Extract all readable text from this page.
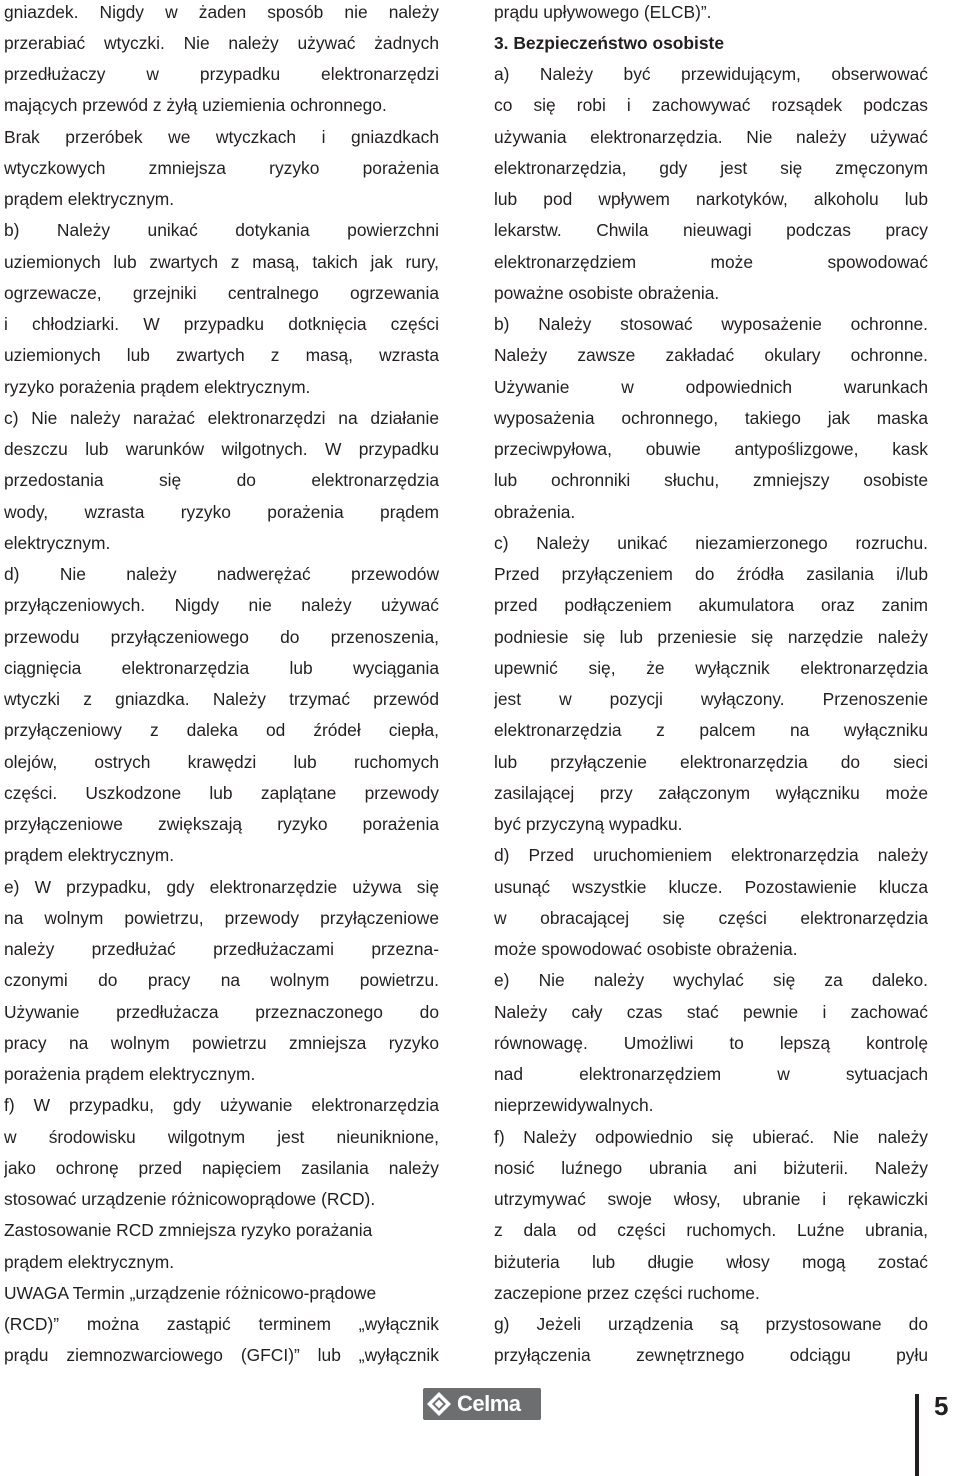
gniazdek. Nigdy w żaden sposób nie należy
przerabiać wtyczki. Nie należy używać żadnych
przedłużaczy w przypadku elektronarzędzi
mających przewód z żyłą uziemienia ochronnego.
Brak przeróbek we wtyczkach i gniazdkach
wtyczkowych zmniejsza ryzyko porażenia
prądem elektrycznym.
b) Należy unikać dotykania powierzchni
uziemionych lub zwartych z masą, takich jak rury,
ogrzewacze, grzejniki centralnego ogrzewania
i chłodziarki. W przypadku dotknięcia części
uziemionych lub zwartych z masą, wzrasta
ryzyko porażenia prądem elektrycznym.
c) Nie należy narażać elektronarzędzi na działanie
deszczu lub warunków wilgotnych. W przypadku
przedostania się do elektronarzędzia
wody, wzrasta ryzyko porażenia prądem
elektrycznym.
d) Nie należy nadwerężać przewodów
przyłączeniowych. Nigdy nie należy używać
przewodu przyłączeniowego do przenoszenia,
ciągnięcia elektronarzędzia lub wyciągania
wtyczki z gniazdka. Należy trzymać przewód
przyłączeniowy z daleka od źródeł ciepła,
olejów, ostrych krawędzi lub ruchomych
części. Uszkodzone lub zaplątane przewody
przyłączeniowe zwiększają ryzyko porażenia
prądem elektrycznym.
e) W przypadku, gdy elektronarzędzie używa się
na wolnym powietrzu, przewody przyłączeniowe
należy przedłużać przedłużaczami przezna-
czonymi do pracy na wolnym powietrzu.
Używanie przedłużacza przeznaczonego do
pracy na wolnym powietrzu zmniejsza ryzyko
porażenia prądem elektrycznym.
f) W przypadku, gdy używanie elektronarzędzia
w środowisku wilgotnym jest nieuniknione,
jako ochronę przed napięciem zasilania należy
stosować urządzenie różnicowoprądowe (RCD).
Zastosowanie RCD zmniejsza ryzyko porażania
prądem elektrycznym.
UWAGA Termin „urządzenie różnicowo-prądowe
(RCD)” można zastąpić terminem „wyłącznik
prądu ziemnozwarciowego (GFCI)” lub „wyłącznik
prądu upływowego (ELCB)”.
3. Bezpieczeństwo osobiste
a) Należy być przewidującym, obserwować
co się robi i zachowywać rozsądek podczas
używania elektronarzędzia. Nie należy używać
elektronarzędzia, gdy jest się zmęczonym
lub pod wpływem narkotyków, alkoholu lub
lekarstw. Chwila nieuwagi podczas pracy
elektronarzędziem może spowodować
poważne osobiste obrażenia.
b) Należy stosować wyposażenie ochronne.
Należy zawsze zakładać okulary ochronne.
Używanie w odpowiednich warunkach
wyposażenia ochronnego, takiego jak maska
przeciwpyłowa, obuwie antypoślizgowe, kask
lub ochronniki słuchu, zmniejszy osobiste
obrażenia.
c) Należy unikać niezamierzonego rozruchu.
Przed przyłączeniem do źródła zasilania i/lub
przed podłączeniem akumulatora oraz zanim
podniesie się lub przeniesie się narzędzie należy
upewnić się, że wyłącznik elektronarzędzia
jest w pozycji wyłączony. Przenoszenie
elektronarzędzia z palcem na wyłączniku
lub przyłączenie elektronarzędzia do sieci
zasilającej przy załączonym wyłączniku może
być przyczyną wypadku.
d) Przed uruchomieniem elektronarzędzia należy
usunąć wszystkie klucze. Pozostawienie klucza
w obracającej się części elektronarzędzia
może spowodować osobiste obrażenia.
e) Nie należy wychylać się za daleko.
Należy cały czas stać pewnie i zachować
równowagę. Umożliwi to lepszą kontrolę
nad elektronarzędziem w sytuacjach
nieprzewidywalnych.
f) Należy odpowiednio się ubierać. Nie należy
nosić luźnego ubrania ani biżuterii. Należy
utrzymywać swoje włosy, ubranie i rękawiczki
z dala od części ruchomych. Luźne ubrania,
biżuteria lub długie włosy mogą zostać
zaczepione przez części ruchome.
g) Jeżeli urządzenia są przystosowane do
przyłączenia zewnętrznego odciągu pyłu
Celma	5
